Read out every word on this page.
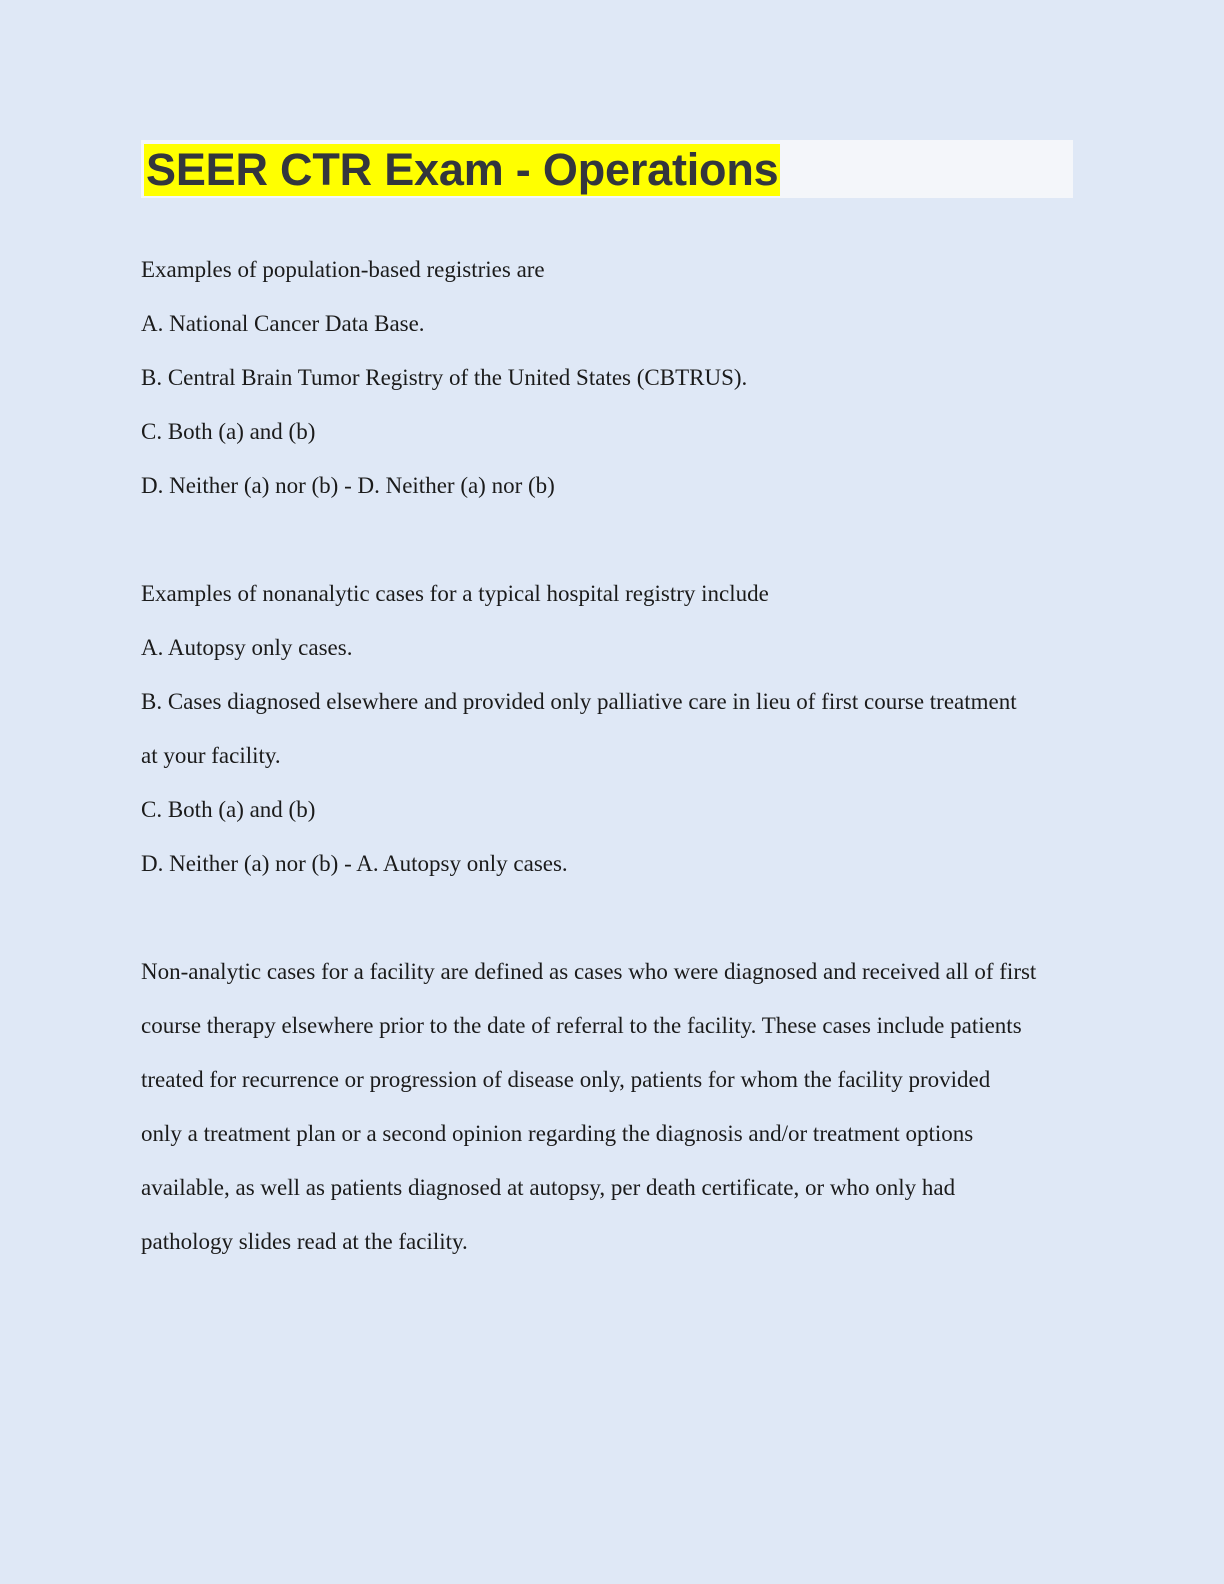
SEER CTR Exam - Operations
Examples of population-based registries are
A. National Cancer Data Base.
B. Central Brain Tumor Registry of the United States (CBTRUS).
C. Both (a) and (b)
D. Neither (a) nor (b) - D. Neither (a) nor (b)
Examples of nonanalytic cases for a typical hospital registry include
A. Autopsy only cases.
B. Cases diagnosed elsewhere and provided only palliative care in lieu of first course treatment
at your facility.
C. Both (a) and (b)
D. Neither (a) nor (b) - A. Autopsy only cases.
Non-analytic cases for a facility are defined as cases who were diagnosed and received all of first
course therapy elsewhere prior to the date of referral to the facility. These cases include patients
treated for recurrence or progression of disease only, patients for whom the facility provided
only a treatment plan or a second opinion regarding the diagnosis and/or treatment options
available, as well as patients diagnosed at autopsy, per death certificate, or who only had
pathology slides read at the facility.
